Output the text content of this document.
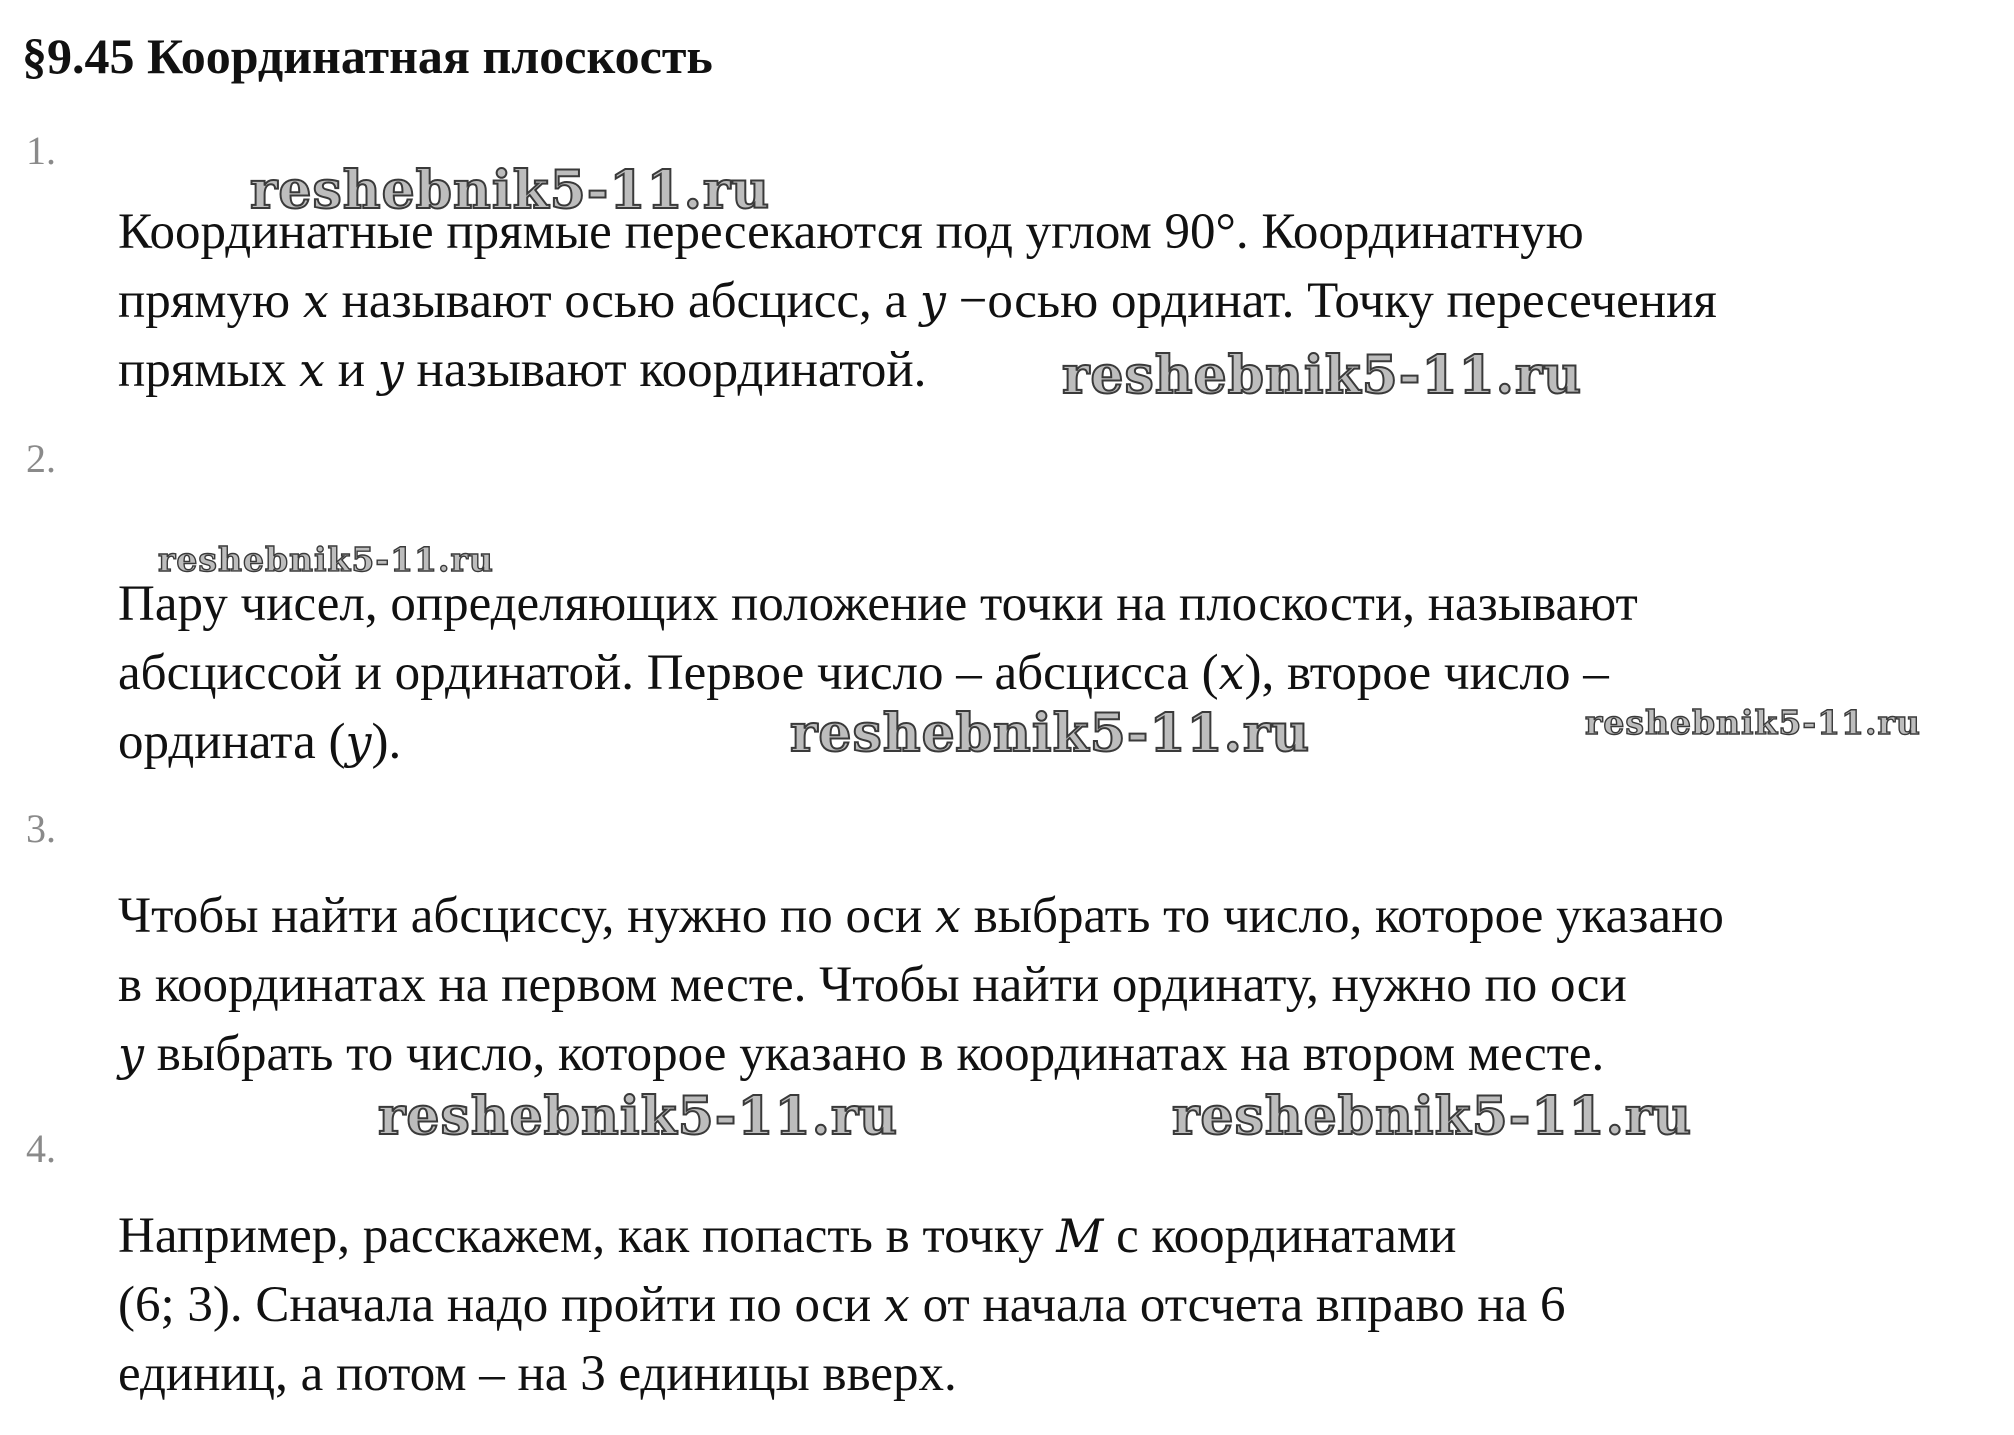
§9.45 Координатная плоскость
1.
Координатные прямые пересекаются под углом 90°. Координатную
прямую x называют осью абсцисс, а y −осью ординат. Точку пересечения
прямых x и y называют координатой.
2.
Пару чисел, определяющих положение точки на плоскости, называют
абсциссой и ординатой. Первое число – абсцисса (x), второе число –
ордината (y).
3.
Чтобы найти абсциссу, нужно по оси x выбрать то число, которое указано
в координатах на первом месте. Чтобы найти ординату, нужно по оси
y выбрать то число, которое указано в координатах на втором месте.
4.
Например, расскажем, как попасть в точку M с координатами
(6; 3). Сначала надо пройти по оси x от начала отсчета вправо на 6
единиц, а потом – на 3 единицы вверх.
reshebnik5-11.ru
reshebnik5-11.ru
reshebnik5-11.ru
reshebnik5-11.ru	reshebnik5-11.ru
reshebnik5-11.ru	reshebnik5-11.ru
